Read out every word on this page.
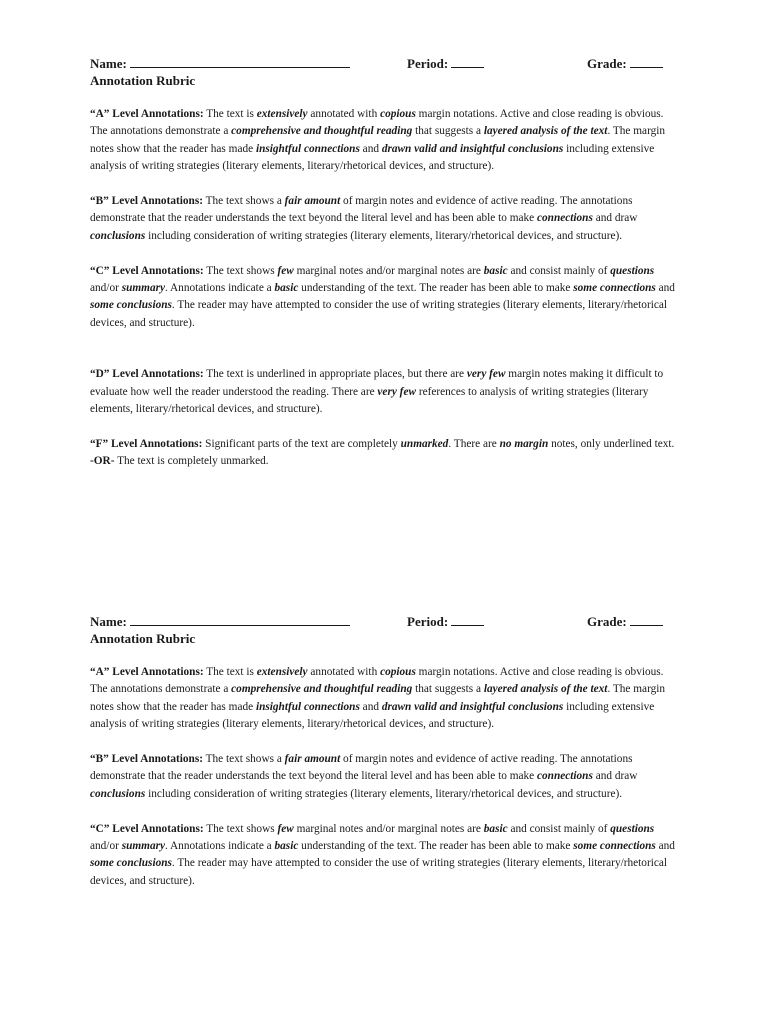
Name:	Period:	Grade:
Annotation Rubric

“A” Level Annotations: The text is extensively annotated with copious margin notations. Active and close reading is obvious. The annotations demonstrate a comprehensive and thoughtful reading that suggests a layered analysis of the text. The margin notes show that the reader has made insightful connections and drawn valid and insightful conclusions including extensive analysis of writing strategies (literary elements, literary/rhetorical devices, and structure).

“B” Level Annotations: The text shows a fair amount of margin notes and evidence of active reading. The annotations demonstrate that the reader understands the text beyond the literal level and has been able to make connections and draw conclusions including consideration of writing strategies (literary elements, literary/rhetorical devices, and structure).

“C” Level Annotations: The text shows few marginal notes and/or marginal notes are basic and consist mainly of questions and/or summary. Annotations indicate a basic understanding of the text. The reader has been able to make some connections and some conclusions. The reader may have attempted to consider the use of writing strategies (literary elements, literary/rhetorical devices, and structure).

“D” Level Annotations: The text is underlined in appropriate places, but there are very few margin notes making it difficult to evaluate how well the reader understood the reading. There are very few references to analysis of writing strategies (literary elements, literary/rhetorical devices, and structure).

“F” Level Annotations: Significant parts of the text are completely unmarked. There are no margin notes, only underlined text. -OR- The text is completely unmarked.

Name:	Period:	Grade:
Annotation Rubric

“A” Level Annotations: The text is extensively annotated with copious margin notations. Active and close reading is obvious. The annotations demonstrate a comprehensive and thoughtful reading that suggests a layered analysis of the text. The margin notes show that the reader has made insightful connections and drawn valid and insightful conclusions including extensive analysis of writing strategies (literary elements, literary/rhetorical devices, and structure).

“B” Level Annotations: The text shows a fair amount of margin notes and evidence of active reading. The annotations demonstrate that the reader understands the text beyond the literal level and has been able to make connections and draw conclusions including consideration of writing strategies (literary elements, literary/rhetorical devices, and structure).

“C” Level Annotations: The text shows few marginal notes and/or marginal notes are basic and consist mainly of questions and/or summary. Annotations indicate a basic understanding of the text. The reader has been able to make some connections and some conclusions. The reader may have attempted to consider the use of writing strategies (literary elements, literary/rhetorical devices, and structure).
